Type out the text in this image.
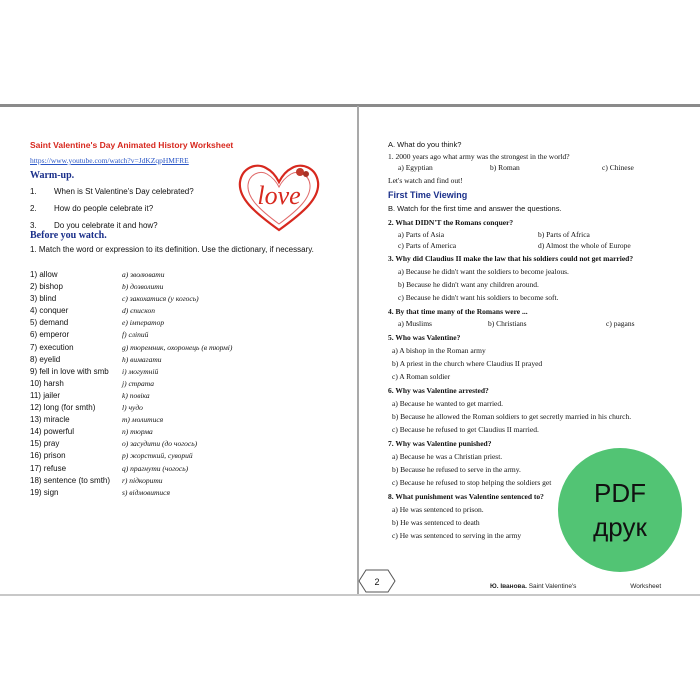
Saint Valentine's Day Animated History Worksheet
https://www.youtube.com/watch?v=JdKZqpHMFRE
Warm-up.
1. When is St Valentine's Day celebrated?
2. How do people celebrate it?
3. Do you celebrate it and how?
love
Before you watch.
1. Match the word or expression to its definition. Use the dictionary, if necessary.
1) allow	a) зволювати
2) bishop	b) дозволити
3) blind	c) закохатися (у когось)
4) conquer	d) єпископ
5) demand	e) імператор
6) emperor	f) сліпий
7) execution	g) тюремник, охоронець (в тюрмі)
8) eyelid	h) вимагати
9) fell in love with smb i) могутній
10) harsh	j) страта
11) jailer	k) повіка
12) long (for smth)	l) чудо
13) miracle	m) молитися
14) powerful	n) тюрма
15) pray	o) засудити (до чогось)
16) prison	p) жорсткий, суворий
17) refuse	q) прагнути (чогось)
18) sentence (to smth) r) підкорити
19) sign	s) відмовитися
A. What do you think?
1. 2000 years ago what army was the strongest in the world?
a) Egyptian	b) Roman	c) Chinese
Let's watch and find out!
First Time Viewing
B. Watch for the first time and answer the questions.
2. What DIDN'T the Romans conquer?
a) Parts of Asia	b) Parts of Africa
c) Parts of America	d) Almost the whole of Europe
3. Why did Claudius II make the law that his soldiers could not get married?
a) Because he didn't want the soldiers to become jealous.
b) Because he didn't want any children around.
c) Because he didn't want his soldiers to become soft.
4. By that time many of the Romans were ...
a) Muslims	b) Christians	c) pagans
5. Who was Valentine?
a) A bishop in the Roman army
b) A priest in the church where Claudius II prayed
c) A Roman soldier
6. Why was Valentine arrested?
a) Because he wanted to get married.
b) Because he allowed the Roman soldiers to get secretly married in his church.
c) Because he refused to get Claudius II married.
7. Why was Valentine punished?
a) Because he was a Christian priest.
b) Because he refused to serve in the army.
c) Because he refused to stop helping the soldiers get
8. What punishment was Valentine sentenced to?
a) He was sentenced to prison.
b) He was sentenced to death
c) He was sentenced to serving in the army
2	Ю. Іванова. Saint Valentine's	Worksheet
PDF
друк
